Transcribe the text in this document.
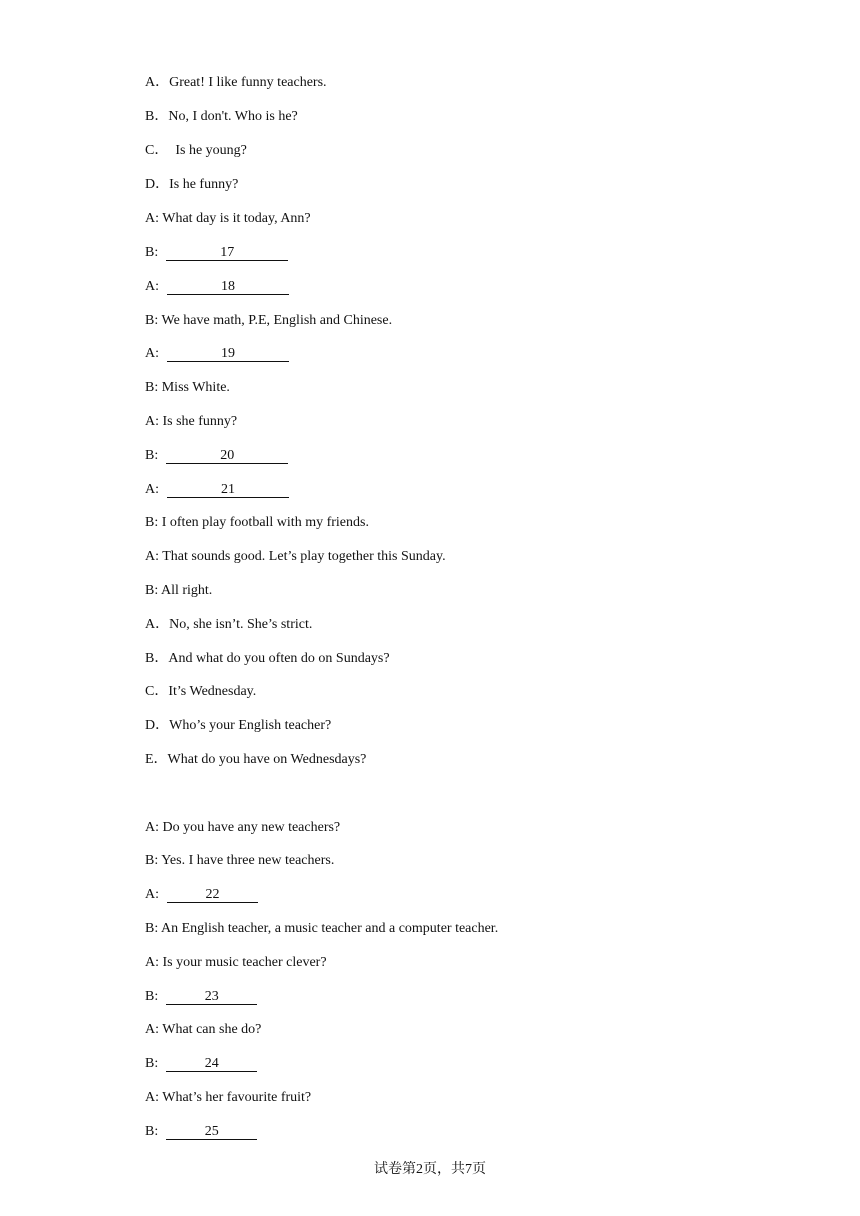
A．Great! I like funny teachers.
B．No, I don't. Who is he?
C．  Is he young?
D．Is he funny?
A: What day is it today, Ann?
B:	17
A:	18
B: We have math, P.E, English and Chinese.
A:	19
B: Miss White.
A: Is she funny?
B:	20
A:	21
B: I often play football with my friends.
A: That sounds good. Let’s play together this Sunday.
B: All right.
A．No, she isn’t. She’s strict.
B．And what do you often do on Sundays?
C．It’s Wednesday.
D．Who’s your English teacher?
E．What do you have on Wednesdays?
A: Do you have any new teachers?
B: Yes. I have three new teachers.
A:	22
B: An English teacher, a music teacher and a computer teacher.
A: Is your music teacher clever?
B:	23
A: What can she do?
B:	24
A: What’s her favourite fruit?
B:	25
试卷第2页，共7页
